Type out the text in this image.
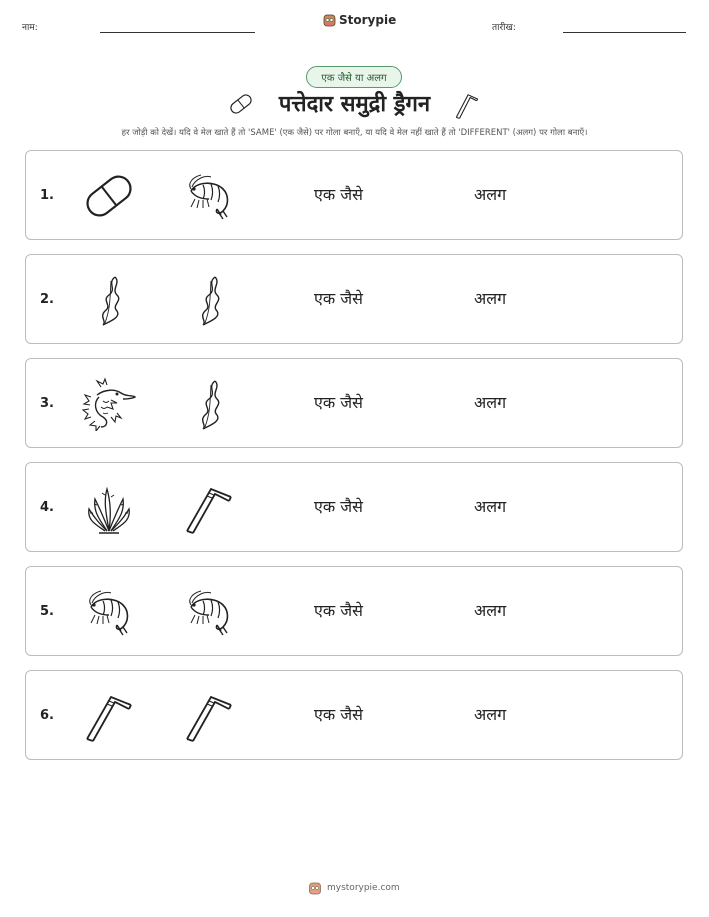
नाम:
Storypie
तारीख:
एक जैसे या अलग
पत्तेदार समुद्री ड्रैगन
हर जोड़ी को देखें। यदि वे मेल खाते हैं तो 'SAME' (एक जैसे) पर गोला बनाएँ, या यदि वे मेल नहीं खाते हैं तो 'DIFFERENT' (अलग) पर गोला बनाएँ।
1.	एक जैसे	अलग
2.	एक जैसे	अलग
3.	एक जैसे	अलग
4.	एक जैसे	अलग
5.	एक जैसे	अलग
6.	एक जैसे	अलग
mystorypie.com
